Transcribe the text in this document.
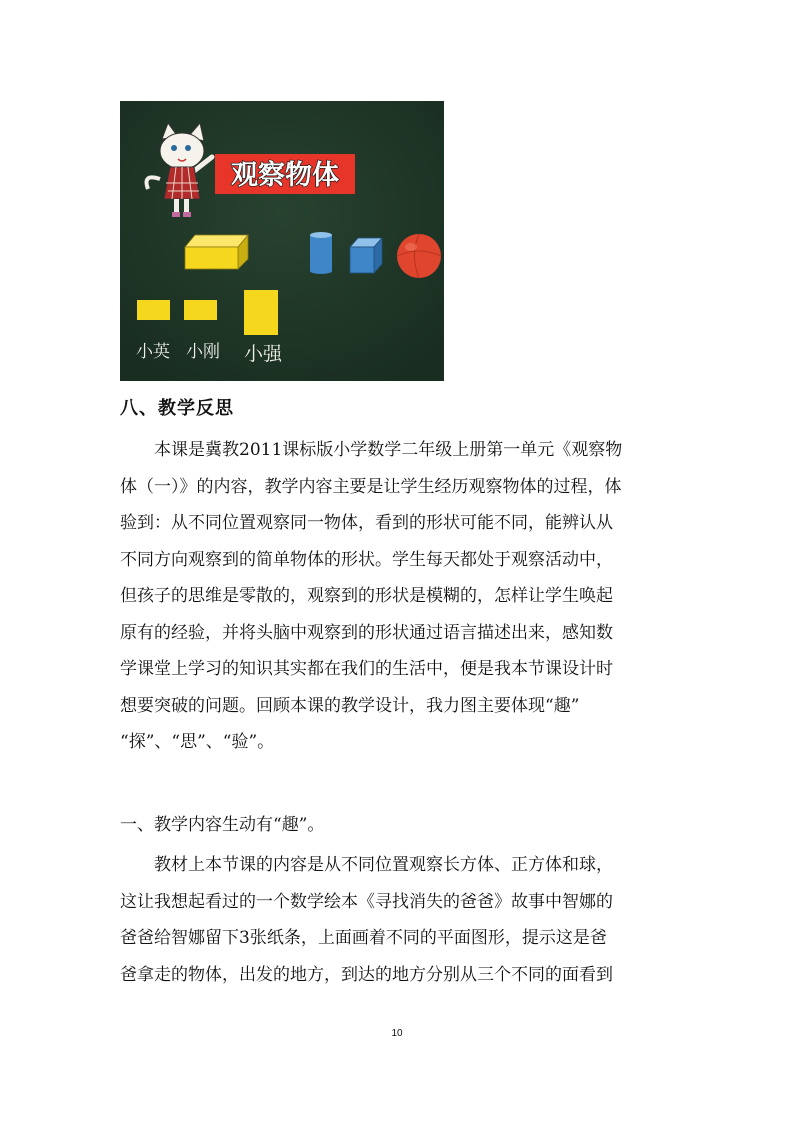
观察物体
小英 小刚 小强
八、教学反思
本课是冀教2011课标版小学数学二年级上册第一单元《观察物
体（一）》的内容，教学内容主要是让学生经历观察物体的过程，体
验到：从不同位置观察同一物体，看到的形状可能不同，能辨认从
不同方向观察到的简单物体的形状。学生每天都处于观察活动中，
但孩子的思维是零散的，观察到的形状是模糊的，怎样让学生唤起
原有的经验，并将头脑中观察到的形状通过语言描述出来，感知数
学课堂上学习的知识其实都在我们的生活中，便是我本节课设计时
想要突破的问题。回顾本课的教学设计，我力图主要体现“趣”
“探”、“思”、“验”。
一、教学内容生动有“趣”。
教材上本节课的内容是从不同位置观察长方体、正方体和球，
这让我想起看过的一个数学绘本《寻找消失的爸爸》故事中智娜的
爸爸给智娜留下3张纸条，上面画着不同的平面图形，提示这是爸
爸拿走的物体，出发的地方，到达的地方分别从三个不同的面看到
10
